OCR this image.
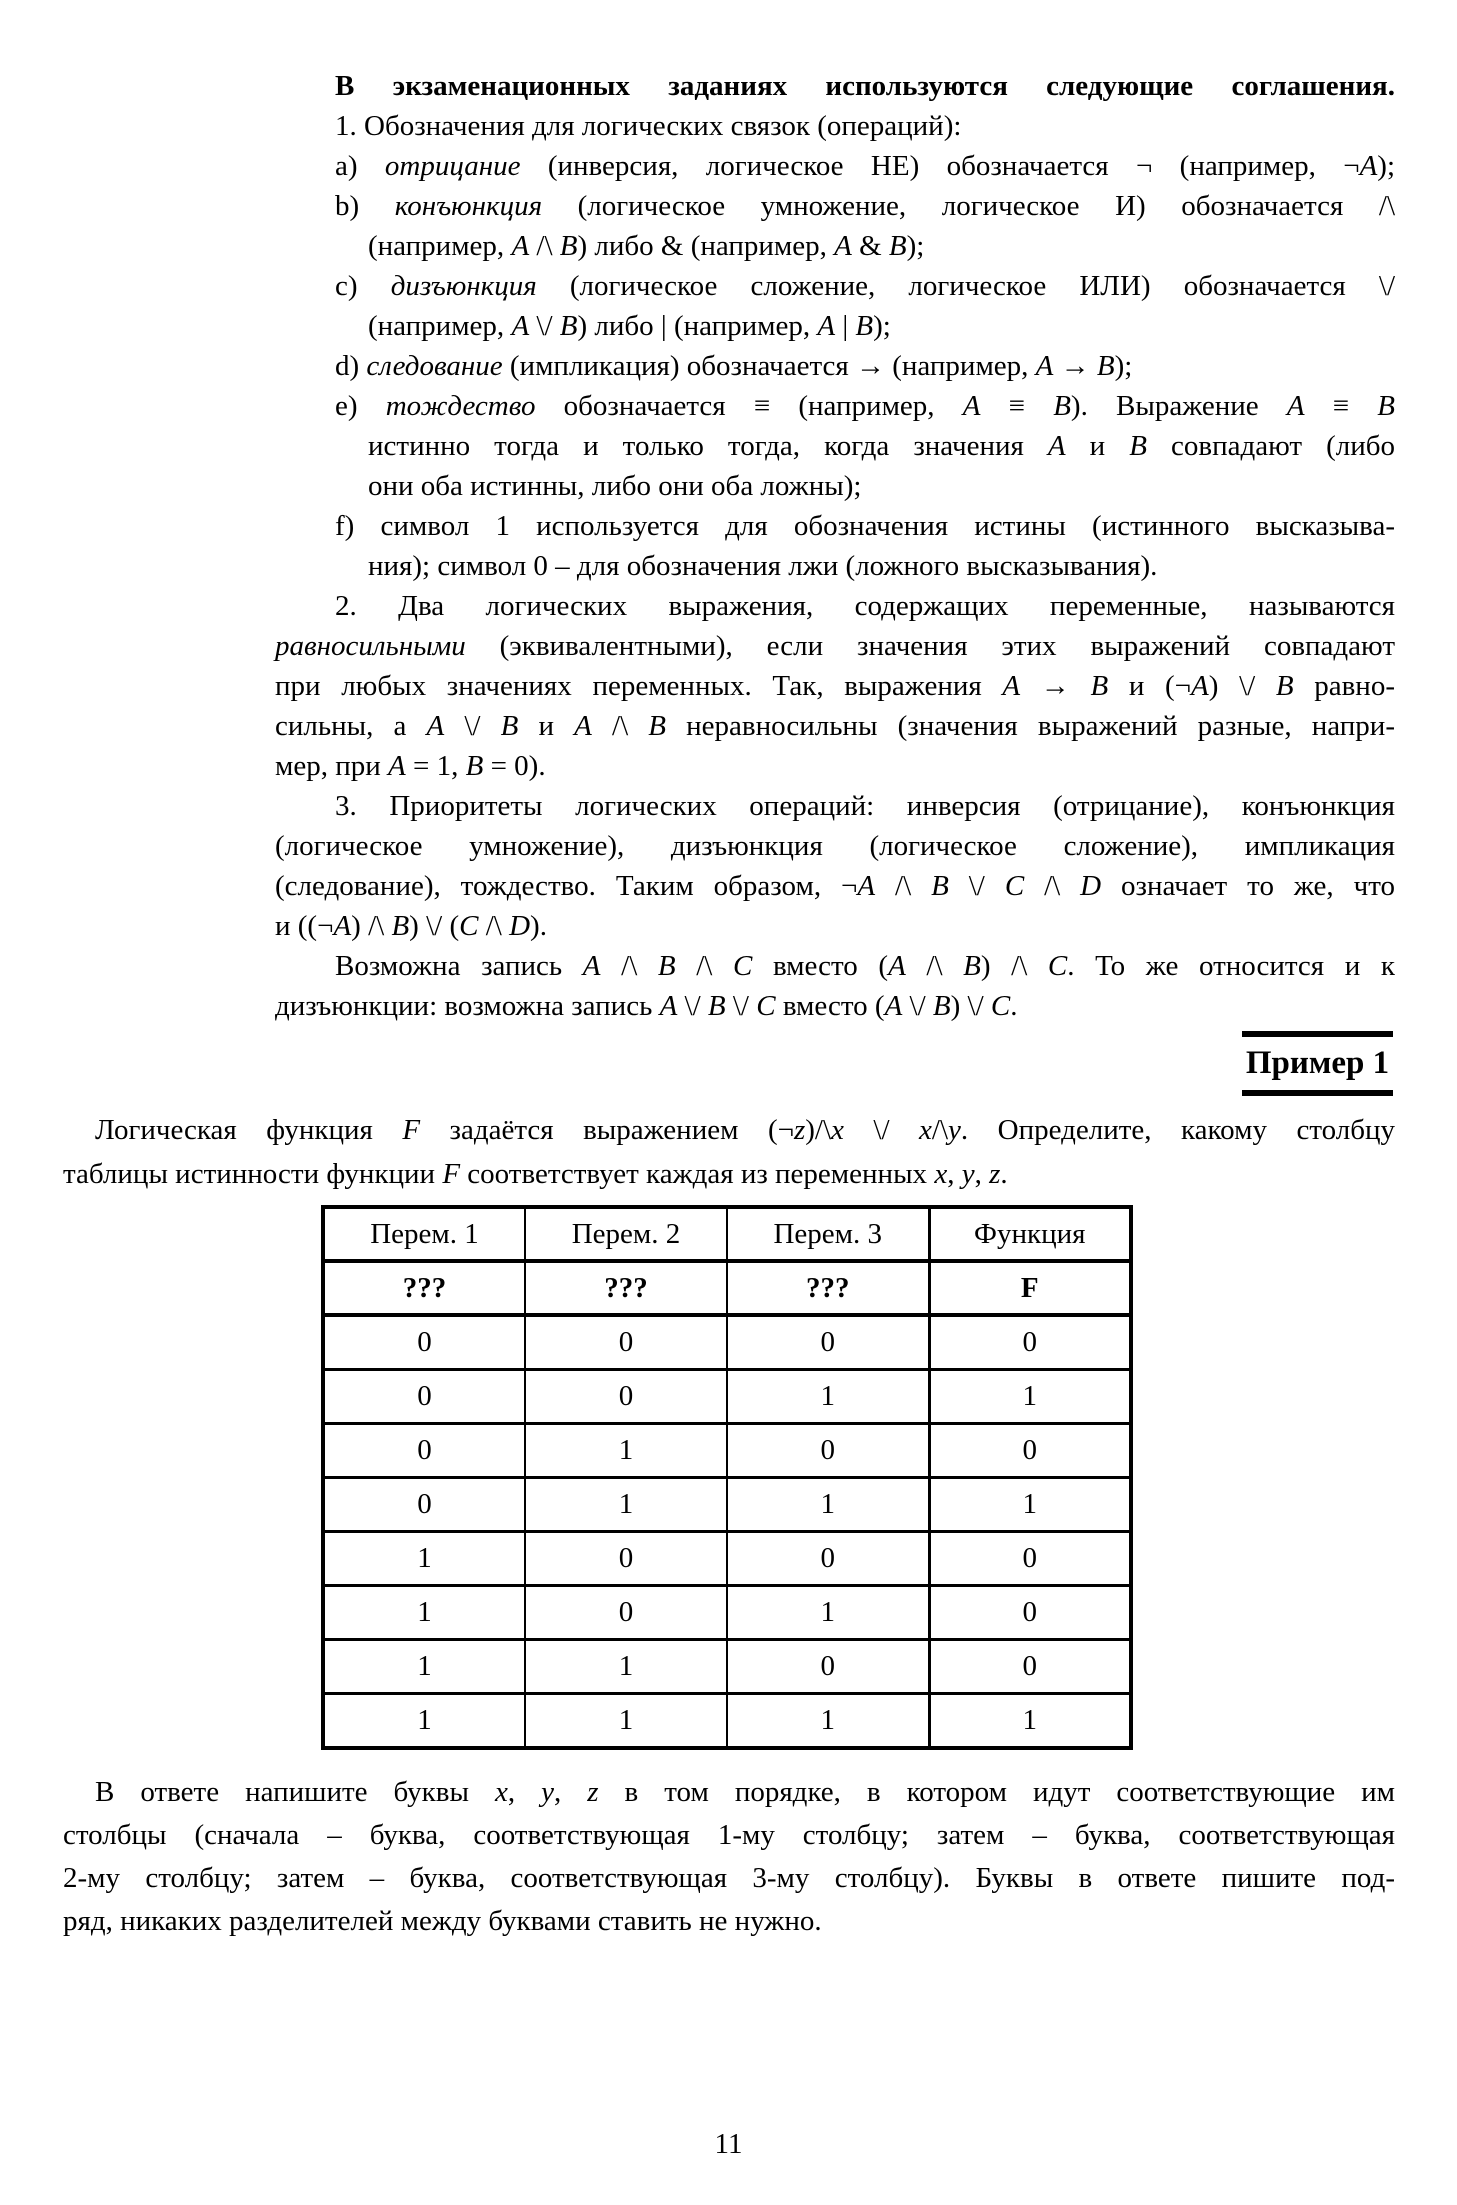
В экзаменационных заданиях используются следующие соглашения.
1. Обозначения для логических связок (операций):
a) отрицание (инверсия, логическое НЕ) обозначается ¬ (например, ¬A);
b) конъюнкция (логическое умножение, логическое И) обозначается /\
(например, A /\ B) либо & (например, A & B);
c) дизъюнкция (логическое сложение, логическое ИЛИ) обозначается \/
(например, A \/ B) либо | (например, A | B);
d) следование (импликация) обозначается → (например, A → B);
e) тождество обозначается ≡ (например, A ≡ B). Выражение A ≡ B
истинно тогда и только тогда, когда значения A и B совпадают (либо
они оба истинны, либо они оба ложны);
f) символ 1 используется для обозначения истины (истинного высказыва-
ния); символ 0 – для обозначения лжи (ложного высказывания).
2. Два логических выражения, содержащих переменные, называются
равносильными (эквивалентными), если значения этих выражений совпадают
при любых значениях переменных. Так, выражения A → B и (¬A) \/ B равно-
сильны, а A \/ B и A /\ B неравносильны (значения выражений разные, напри-
мер, при A = 1, B = 0).
3. Приоритеты логических операций: инверсия (отрицание), конъюнкция
(логическое умножение), дизъюнкция (логическое сложение), импликация
(следование), тождество. Таким образом, ¬A /\ B \/ C /\ D означает то же, что
и ((¬A) /\ B) \/ (C /\ D).
Возможна запись A /\ B /\ C вместо (A /\ B) /\ C. То же относится и к
дизъюнкции: возможна запись A \/ B \/ C вместо (A \/ B) \/ C.
Пример 1
Логическая функция F задаётся выражением (¬z)/\x \/ x/\y. Определите, какому столбцу
таблицы истинности функции F соответствует каждая из переменных x, y, z.
Перем. 1	Перем. 2	Перем. 3	Функция
???	???	???	F
0	0	0	0
0	0	1	1
0	1	0	0
0	1	1	1
1	0	0	0
1	0	1	0
1	1	0	0
1	1	1	1
В ответе напишите буквы x, y, z в том порядке, в котором идут соответствующие им
столбцы (сначала – буква, соответствующая 1-му столбцу; затем – буква, соответствующая
2-му столбцу; затем – буква, соответствующая 3-му столбцу). Буквы в ответе пишите под-
ряд, никаких разделителей между буквами ставить не нужно.
11
